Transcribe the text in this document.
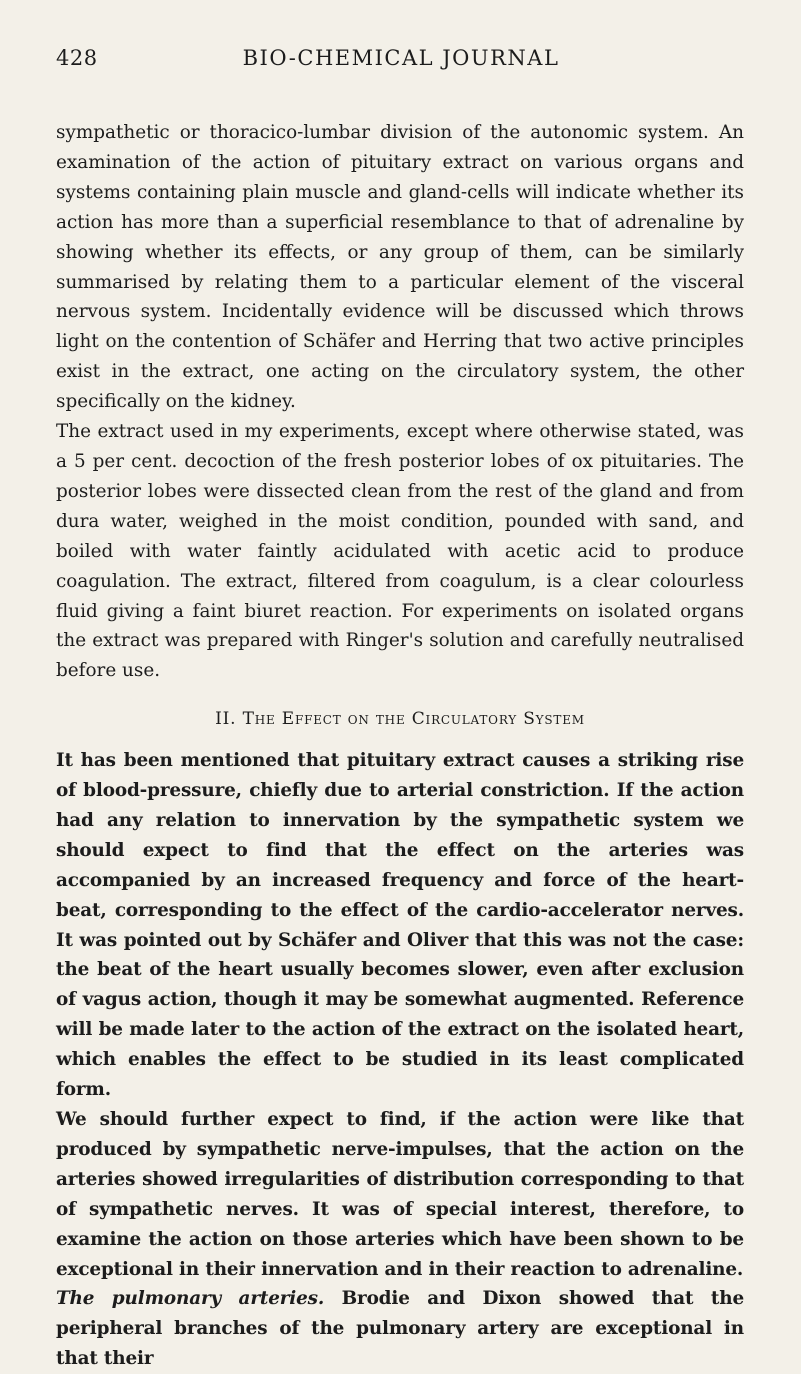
428	BIO-CHEMICAL JOURNAL

sympathetic or thoracico-lumbar division of the autonomic system. An examination of the action of pituitary extract on various organs and systems containing plain muscle and gland-cells will indicate whether its action has more than a superficial resemblance to that of adrenaline by showing whether its effects, or any group of them, can be similarly summarised by relating them to a particular element of the visceral nervous system. Incidentally evidence will be discussed which throws light on the contention of Schäfer and Herring that two active principles exist in the extract, one acting on the circulatory system, the other specifically on the kidney.

The extract used in my experiments, except where otherwise stated, was a 5 per cent. decoction of the fresh posterior lobes of ox pituitaries. The posterior lobes were dissected clean from the rest of the gland and from dura water, weighed in the moist condition, pounded with sand, and boiled with water faintly acidulated with acetic acid to produce coagulation. The extract, filtered from coagulum, is a clear colourless fluid giving a faint biuret reaction. For experiments on isolated organs the extract was prepared with Ringer's solution and carefully neutralised before use.

II. The Effect on the Circulatory System

It has been mentioned that pituitary extract causes a striking rise of blood-pressure, chiefly due to arterial constriction. If the action had any relation to innervation by the sympathetic system we should expect to find that the effect on the arteries was accompanied by an increased frequency and force of the heart-beat, corresponding to the effect of the cardio-accelerator nerves. It was pointed out by Schäfer and Oliver that this was not the case: the beat of the heart usually becomes slower, even after exclusion of vagus action, though it may be somewhat augmented. Reference will be made later to the action of the extract on the isolated heart, which enables the effect to be studied in its least complicated form.

We should further expect to find, if the action were like that produced by sympathetic nerve-impulses, that the action on the arteries showed irregularities of distribution corresponding to that of sympathetic nerves. It was of special interest, therefore, to examine the action on those arteries which have been shown to be exceptional in their innervation and in their reaction to adrenaline.

The pulmonary arteries. Brodie and Dixon showed that the peripheral branches of the pulmonary artery are exceptional in that their
